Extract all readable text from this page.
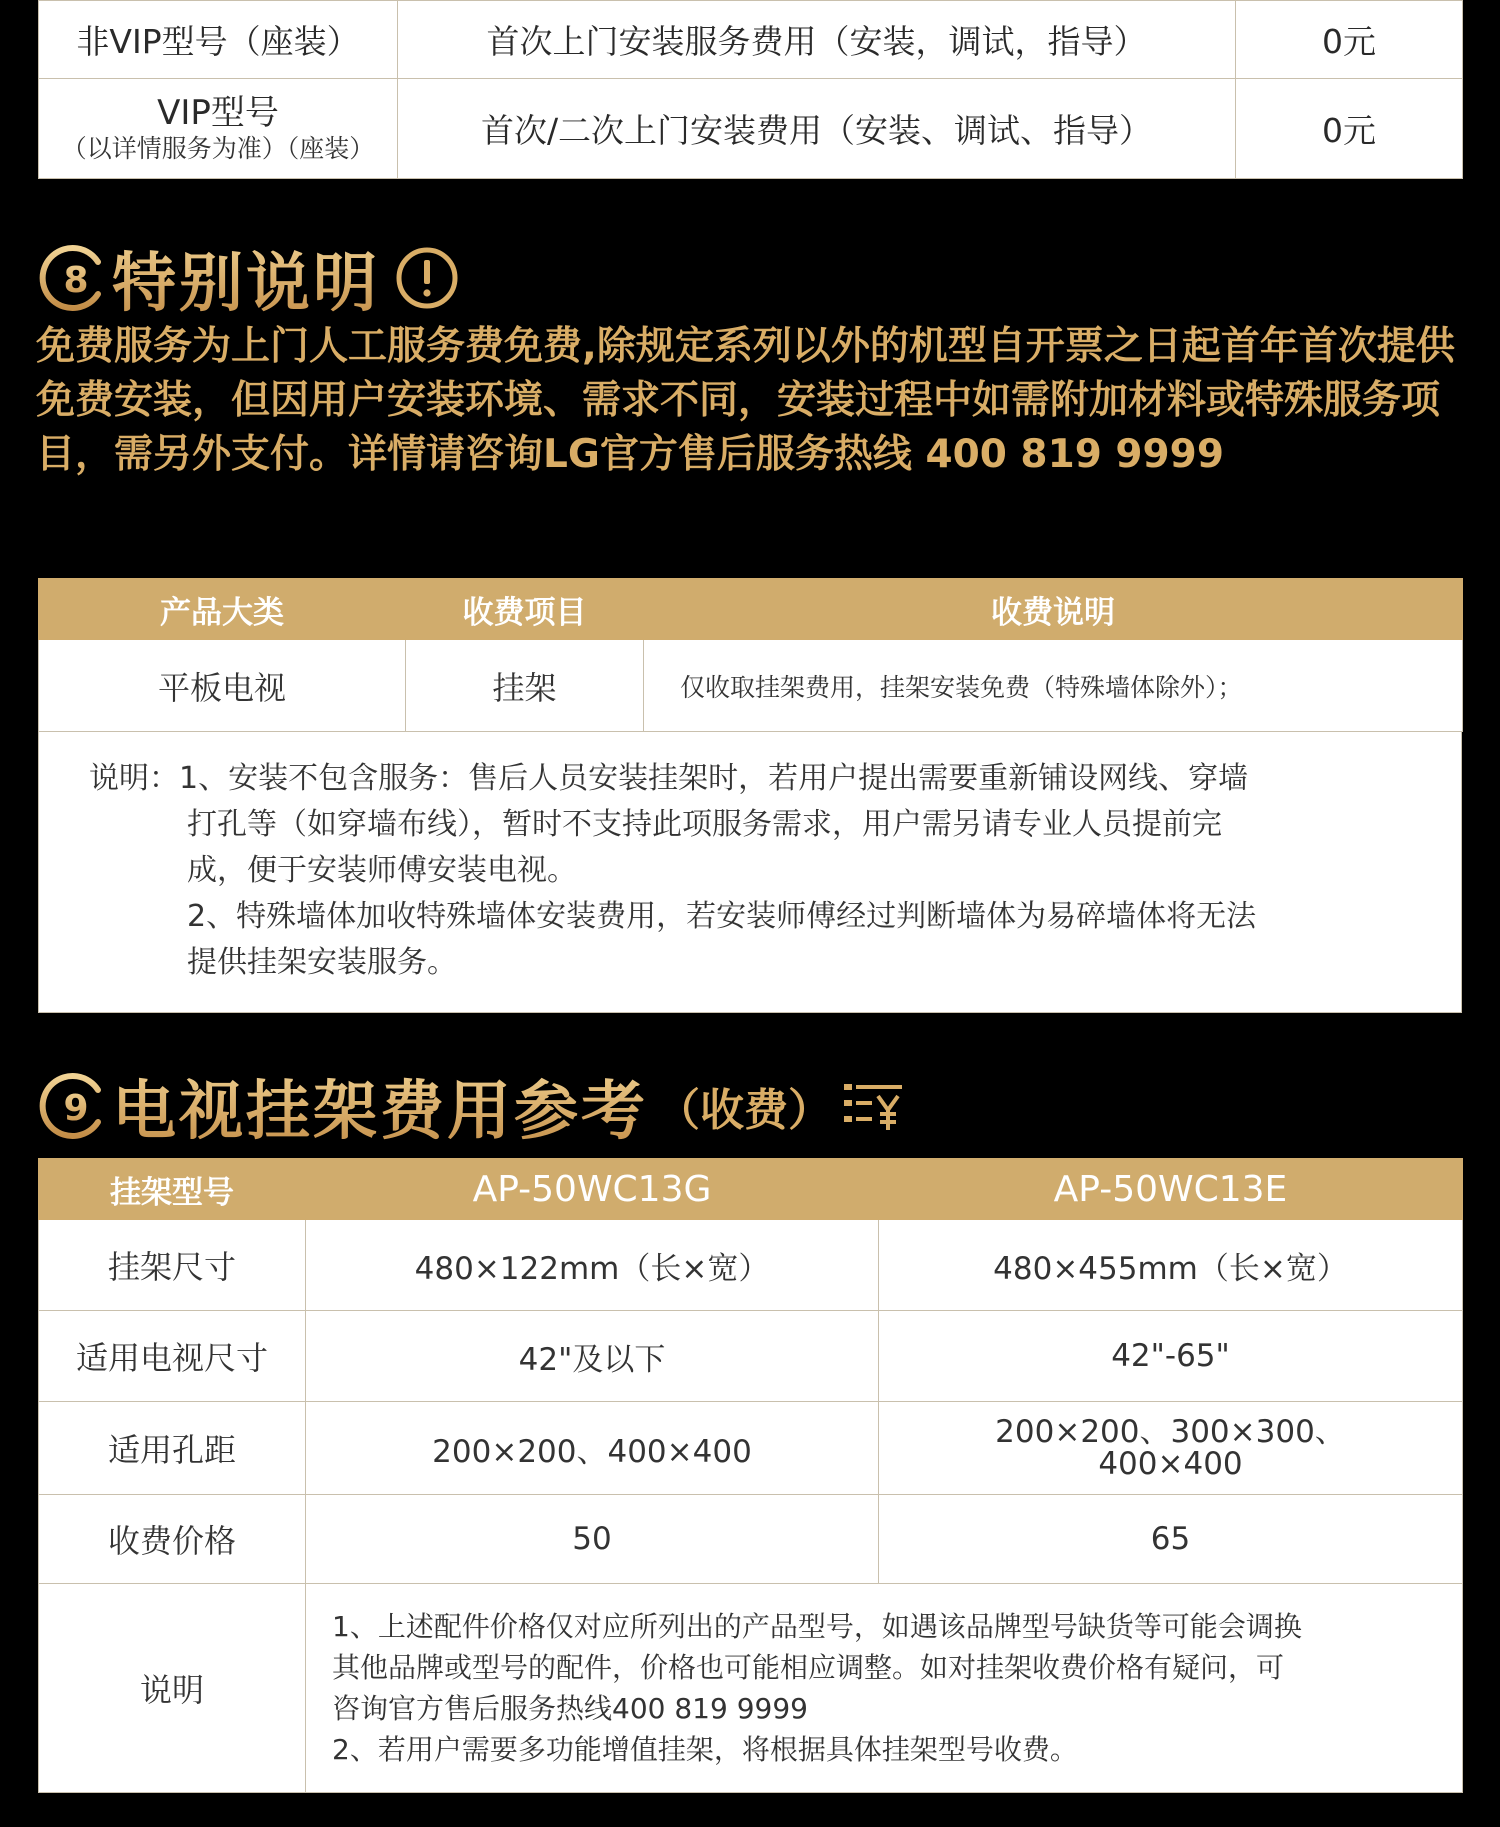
非VIP型号（座装）	首次上门安装服务费用（安装，调试，指导）	0元

VIP型号
（以详情服务为准）（座装）	首次/二次上门安装费用（安装、调试、指导）	0元
8 特别说明
免费服务为上门人工服务费免费,除规定系列以外的机型自开票之日起首年首次提供免费安装，但因用户安装环境、需求不同，安装过程中如需附加材料或特殊服务项目，需另外支付。详情请咨询LG官方售后服务热线 400 819 9999
产品大类	收费项目	收费说明
平板电视	挂架	仅收取挂架费用，挂架安装免费（特殊墙体除外）；
说明：1、安装不包含服务：售后人员安装挂架时，若用户提出需要重新铺设网线、穿墙
打孔等（如穿墙布线），暂时不支持此项服务需求，用户需另请专业人员提前完
成，便于安装师傅安装电视。
2、特殊墙体加收特殊墙体安装费用，若安装师傅经过判断墙体为易碎墙体将无法
提供挂架安装服务。
9 电视挂架费用参考 （收费）
挂架型号	AP-50WC13G	AP-50WC13E
挂架尺寸	480×122mm（长×宽）	480×455mm（长×宽）
适用电视尺寸	42"及以下	42"-65"
适用孔距	200×200、400×400	200×200、300×300、
400×400

收费价格	50	65
说明	1、上述配件价格仅对应所列出的产品型号，如遇该品牌型号缺货等可能会调换
其他品牌或型号的配件，价格也可能相应调整。如对挂架收费价格有疑问，可
咨询官方售后服务热线400 819 9999
2、若用户需要多功能增值挂架，将根据具体挂架型号收费。	
